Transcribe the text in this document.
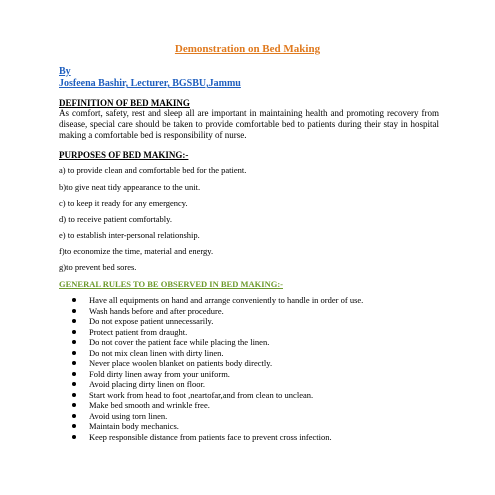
Demonstration on Bed Making
By
Josfeena Bashir, Lecturer, BGSBU,Jammu
DEFINITION OF BED MAKING
As comfort, safety, rest and sleep all are important in maintaining health and promoting recovery from disease, special care should be taken to provide comfortable bed to patients during their stay in hospital making a comfortable bed is responsibility of nurse.
PURPOSES OF BED MAKING:-
a) to provide clean and comfortable bed for the patient.
b)to give neat tidy appearance to the unit.
c) to keep it ready for any emergency.
d) to receive patient comfortably.
e) to establish inter-personal relationship.
f)to economize the time, material and energy.
g)to prevent bed sores.
GENERAL RULES TO BE OBSERVED IN BED MAKING:-
Have all equipments on hand and arrange conveniently to handle in order of use.
Wash hands before and after procedure.
Do not expose patient unnecessarily.
Protect patient from draught.
Do not cover the patient face while placing the linen.
Do not mix clean linen with dirty linen.
Never place woolen blanket on patients body directly.
Fold dirty linen away from your uniform.
Avoid placing dirty linen on floor.
Start work from head to foot ,neartofar,and from clean to unclean.
Make bed smooth and wrinkle free.
Avoid using torn linen.
Maintain body mechanics.
Keep responsible distance from patients face to prevent cross infection.
